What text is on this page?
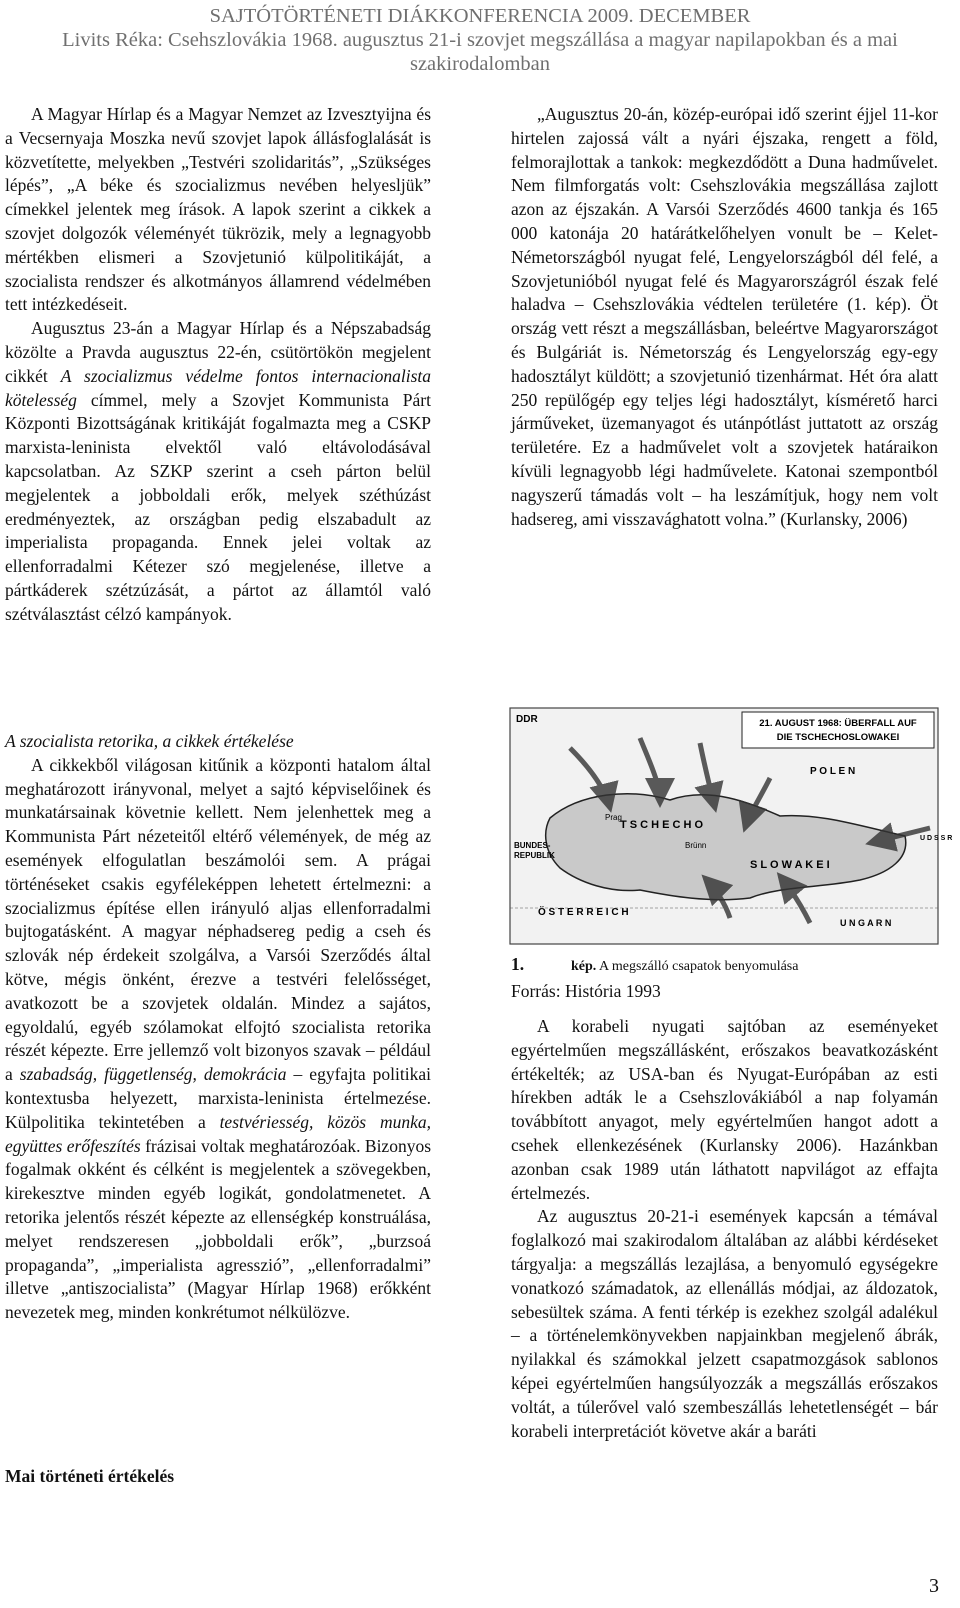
SAJTÓTÖRTÉNETI DIÁKKONFERENCIA 2009. DECEMBER
Livits Réka: Csehszlovákia 1968. augusztus 21-i szovjet megszállása a magyar napilapokban és a mai
szakirodalomban

A Magyar Hírlap és a Magyar Nemzet az Izvesztyijna és a Vecsernyaja Moszka nevű szovjet lapok állásfoglalását is közvetítette, melyekben „Testvéri szolidaritás”, „Szükséges lépés”, „A béke és szocializmus nevében helyesljük” címekkel jelentek meg írások. A lapok szerint a cikkek a szovjet dolgozók véleményét tükrözik, mely a legnagyobb mértékben elismeri a Szovjetunió külpolitikáját, a szocialista rendszer és alkotmányos államrend védelmében tett intézkedéseit.

Augusztus 23-án a Magyar Hírlap és a Népszabadság közölte a Pravda augusztus 22-én, csütörtökön megjelent cikkét A szocializmus védelme fontos internacionalista kötelesség címmel, mely a Szovjet Kommunista Párt Központi Bizottságának kritikáját fogalmazta meg a CSKP marxista-leninista elvektől való eltávolodásával kapcsolatban. Az SZKP szerint a cseh párton belül megjelentek a jobboldali erők, melyek széthúzást eredményeztek, az országban pedig elszabadult az imperialista propaganda. Ennek jelei voltak az ellenforradalmi Kétezer szó megjelenése, illetve a pártkáderek szétzúzását, a pártot az államtól való szétválasztást célzó kampányok.

„Augusztus 20-án, közép-európai idő szerint éjjel 11-kor hirtelen zajossá vált a nyári éjszaka, rengett a föld, felmorajlottak a tankok: megkezdődött a Duna hadművelet. Nem filmforgatás volt: Csehszlovákia megszállása zajlott azon az éjszakán. A Varsói Szerződés 4600 tankja és 165 000 katonája 20 határátkelőhelyen vonult be – Kelet-Németországból nyugat felé, Lengyelországból dél felé, a Szovjetunióból nyugat felé és Magyarországról észak felé haladva – Csehszlovákia védtelen területére (1. kép). Öt ország vett részt a megszállásban, beleértve Magyarországot és Bulgáriát is. Németország és Lengyelország egy-egy hadosztályt küldött; a szovjetunió tizenhármat. Hét óra alatt 250 repülőgép egy teljes légi hadosztályt, kísmérető harci járműveket, üzemanyagot és utánpótlást juttatott az ország területére. Ez a hadművelet volt a szovjetek határaikon kívüli legnagyobb légi hadművelete. Katonai szempontból nagyszerű támadás volt – ha leszámítjuk, hogy nem volt hadsereg, ami visszavághatott volna.” (Kurlansky, 2006)

A szocialista retorika, a cikkek értékelése

A cikkekből világosan kitűnik a központi hatalom által meghatározott irányvonal, melyet a sajtó képviselőinek és munkatársainak követnie kellett. Nem jelenhettek meg a Kommunista Párt nézeteitől eltérő vélemények, de még az események elfogulatlan beszámolói sem. A prágai történéseket csakis egyféleképpen lehetett értelmezni: a szocializmus építése ellen irányuló aljas ellenforradalmi bujtogatásként. A magyar néphadsereg pedig a cseh és szlovák nép érdekeit szolgálva, a Varsói Szerződés által kötve, mégis önként, érezve a testvéri felelősséget, avatkozott be a szovjetek oldalán. Mindez a sajátos, egyoldalú, egyéb szólamokat elfojtó szocialista retorika részét képezte. Erre jellemző volt bizonyos szavak – például a szabadság, függetlenség, demokrácia – egyfajta politikai kontextusba helyezett, marxista-leninista értelmezése. Külpolitika tekintetében a testvériesség, közös munka, együttes erőfeszítés frázisai voltak meghatározóak. Bizonyos fogalmak okként és célként is megjelentek a szövegekben, kirekesztve minden egyéb logikát, gondolatmenetet. A retorika jelentős részét képezte az ellenségkép konstruálása, melyet rendszeresen „jobboldali erők”, „burzsoá propaganda”, „imperialista agresszió”, „ellenforradalmi” illetve „antiszocialista” (Magyar Hírlap 1968) erőkként nevezetek meg, minden konkrétumot nélkülözve.

Mai történeti értékelés
21. AUGUST 1968: ÜBERFALL AUF
DIE TSCHECHOSLOWAKEI
DDR
P O L E N
BUNDES-
REPUBLIK
T S C H E C H O
S L O W A K E I
Ö S T E R R E I C H
U N G A R N
U D S S R
Prag
Brünn
1.	kép. A megszálló csapatok benyomulása
Forrás: História 1993

A korabeli nyugati sajtóban az eseményeket egyértelműen megszállásként, erőszakos beavatkozásként értékelték; az USA-ban és Nyugat-Európában az esti hírekben adták le a Csehszlovákiából a nap folyamán továbbított anyagot, mely egyértelműen hangot adott a csehek ellenkezésének (Kurlansky 2006). Hazánkban azonban csak 1989 után láthatott napvilágot az effajta értelmezés.

Az augusztus 20-21-i események kapcsán a témával foglalkozó mai szakirodalom általában az alábbi kérdéseket tárgyalja: a megszállás lezajlása, a benyomuló egységekre vonatkozó számadatok, az ellenállás módjai, az áldozatok, sebesültek száma. A fenti térkép is ezekhez szolgál adalékul – a történelemkönyvekben napjainkban megjelenő ábrák, nyilakkal és számokkal jelzett csapatmozgások sablonos képei egyértelműen hangsúlyozzák a megszállás erőszakos voltát, a túlerővel való szembeszállás lehetetlenségét – bár korabeli interpretációt követve akár a baráti

3
